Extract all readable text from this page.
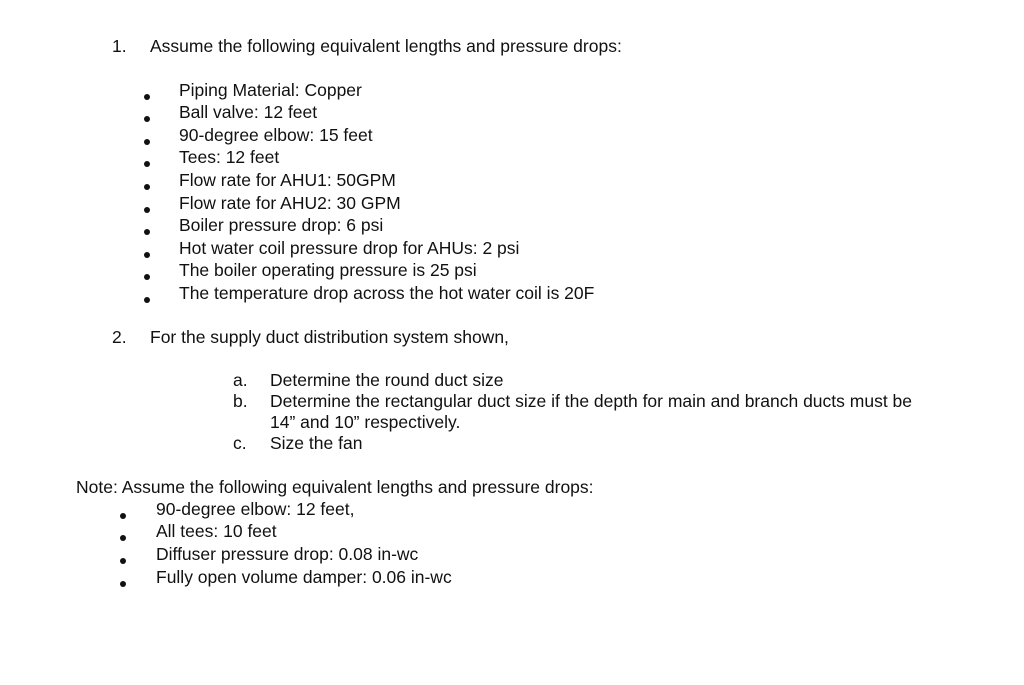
1. Assume the following equivalent lengths and pressure drops:
Piping Material: Copper
Ball valve: 12 feet
90-degree elbow: 15 feet
Tees: 12 feet
Flow rate for AHU1: 50GPM
Flow rate for AHU2: 30 GPM
Boiler pressure drop: 6 psi
Hot water coil pressure drop for AHUs: 2 psi
The boiler operating pressure is 25 psi
The temperature drop across the hot water coil is 20F
2. For the supply duct distribution system shown,
a. Determine the round duct size
b. Determine the rectangular duct size if the depth for main and branch ducts must be
14” and 10” respectively.
c. Size the fan
Note: Assume the following equivalent lengths and pressure drops:
90-degree elbow: 12 feet,
All tees: 10 feet
Diffuser pressure drop: 0.08 in-wc
Fully open volume damper: 0.06 in-wc
